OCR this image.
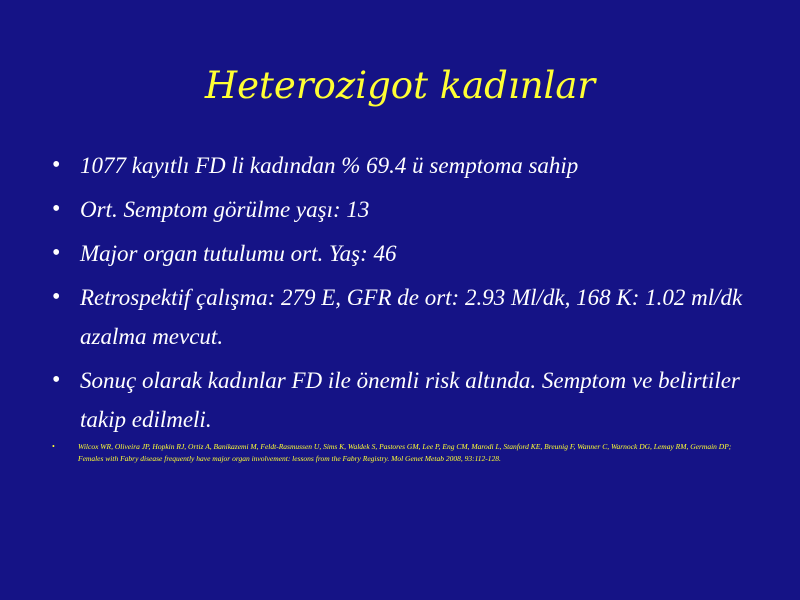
Heterozigot kadınlar
• 1077 kayıtlı FD li kadından % 69.4 ü semptoma sahip
• Ort. Semptom görülme yaşı: 13
• Major organ tutulumu ort. Yaş: 46
• Retrospektif çalışma: 279 E, GFR de ort: 2.93 Ml/dk, 168 K: 1.02 ml/dk azalma mevcut.
• Sonuç olarak kadınlar FD ile önemli risk altında. Semptom ve belirtiler takip edilmeli.
•	Wilcox WR, Oliveira JP, Hopkin RJ, Ortiz A, Banikazemi M, Feldt-Rasmussen U, Sims K, Waldek S, Pastores GM, Lee P, Eng CM, Marodi L, Stanford KE, Breunig F, Wanner C, Warnock DG, Lemay RM, Germain DP; Females with Fabry disease frequently have major organ involvement: lessons from the Fabry Registry. Mol Genet Metab 2008, 93:112-128.
